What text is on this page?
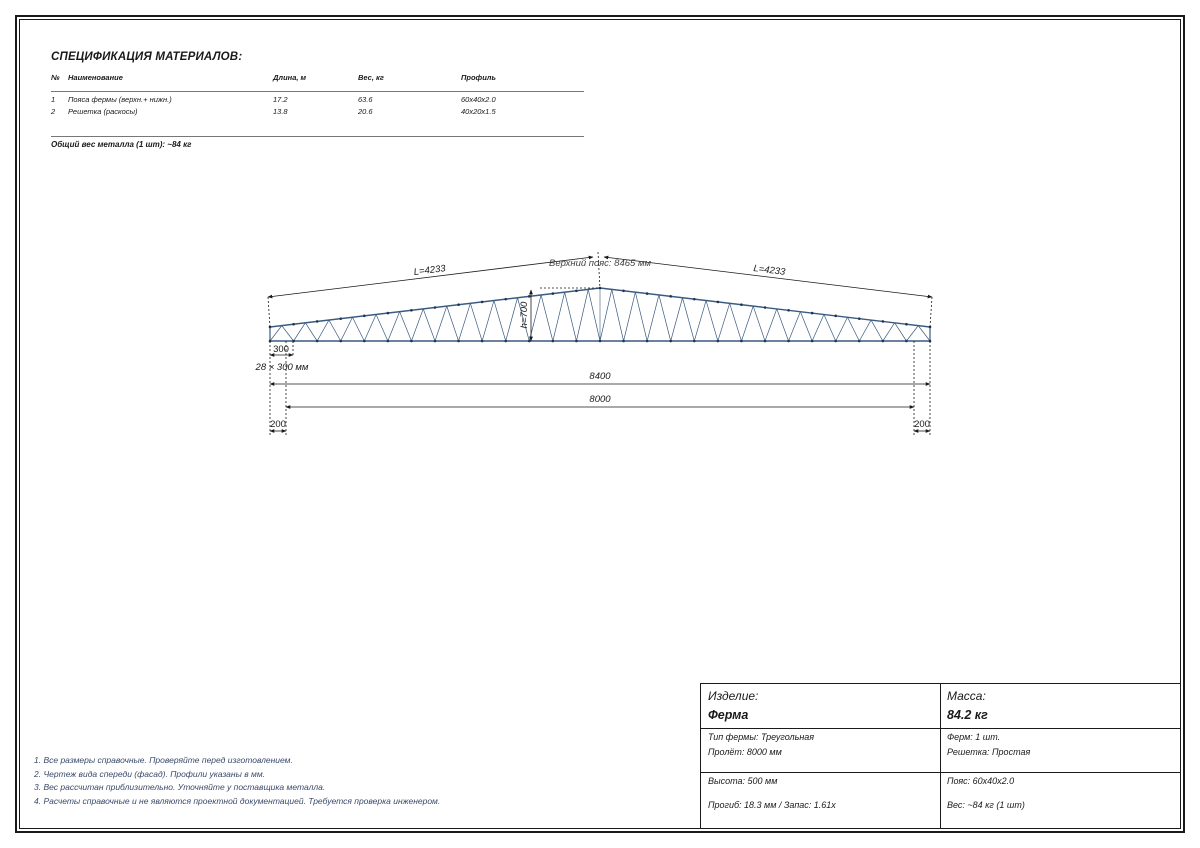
СПЕЦИФИКАЦИЯ МАТЕРИАЛОВ:
№ Наименование	Длина, м	Вес, кг	Профиль
1 Пояса фермы (верхн.+ нижн.)	17.2	63.6	60x40x2.0
2 Решетка (раскосы)	13.8	20.6	40x20x1.5
Общий вес металла (1 шт): ~84 кг
L=4233	L=4233
Верхний пояс: 8465 мм
h=700
300
28 × 300 мм
8400
8000
200	200
1. Все размеры справочные. Проверяйте перед изготовлением.
2. Чертеж вида спереди (фасад). Профили указаны в мм.
3. Вес рассчитан приблизительно. Уточняйте у поставщика металла.
4. Расчеты справочные и не являются проектной документацией. Требуется проверка инженером.
Изделие:
Ферма
Масса:
84.2 кг
Тип фермы: Треугольная
Пролёт: 8000 мм
Ферм: 1 шт.
Решетка: Простая
Высота: 500 мм	Пояс: 60x40x2.0
Прогиб: 18.3 мм / Запас: 1.61x	Вес: ~84 кг (1 шт)
